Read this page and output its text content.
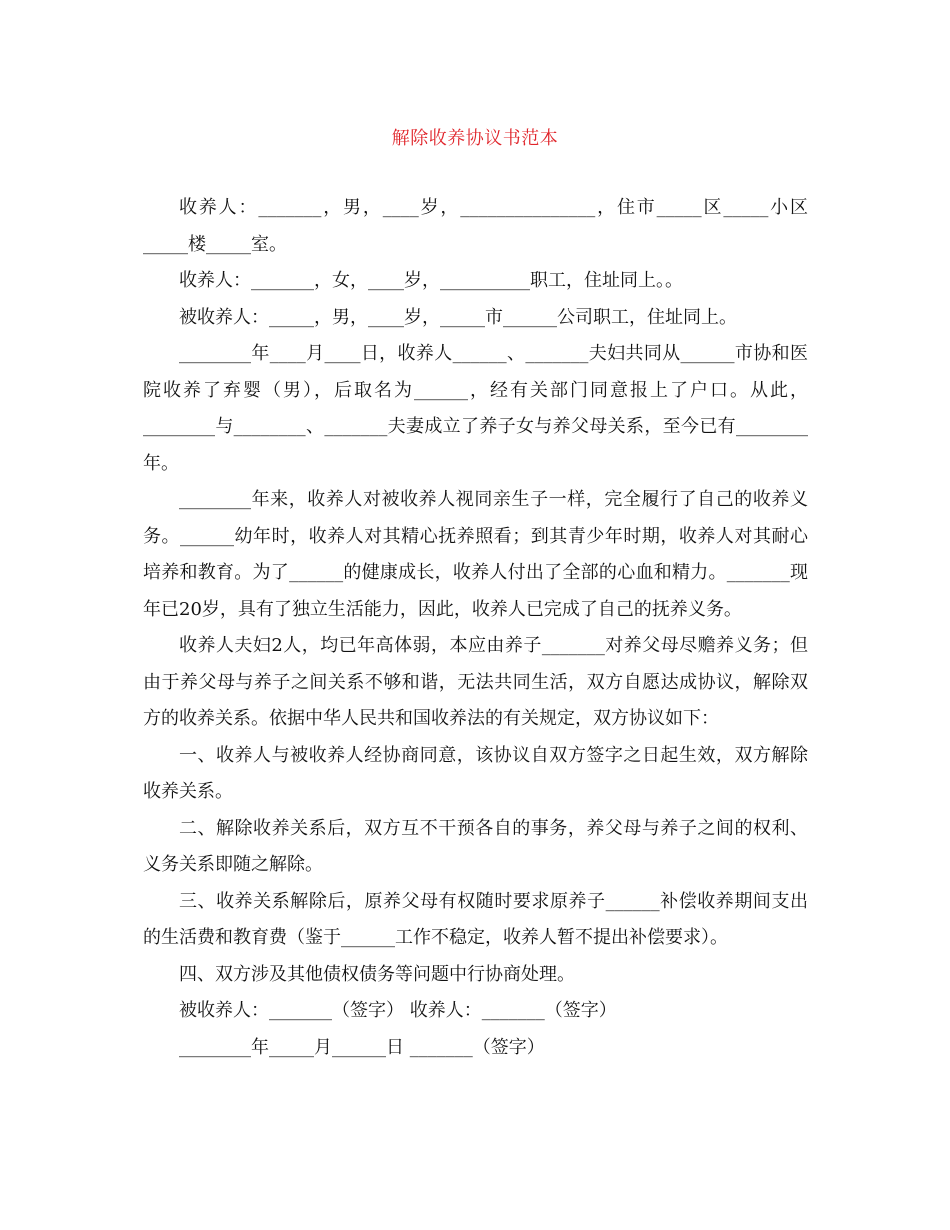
解除收养协议书范本

收养人：_______，男，____岁，_______________，住市_____区_____小区_____楼_____室。

收养人：_______，女，____岁，__________职工，住址同上。。

被收养人：_____，男，____岁，_____市______公司职工，住址同上。

________年____月____日，收养人______、_______夫妇共同从______市协和医院收养了弃婴（男），后取名为______，经有关部门同意报上了户口。从此，________与________、_______夫妻成立了养子女与养父母关系，至今已有________年。

________年来，收养人对被收养人视同亲生子一样，完全履行了自己的收养义务。______幼年时，收养人对其精心抚养照看；到其青少年时期，收养人对其耐心培养和教育。为了______的健康成长，收养人付出了全部的心血和精力。_______现年已20岁，具有了独立生活能力，因此，收养人已完成了自己的抚养义务。

收养人夫妇2人，均已年高体弱，本应由养子_______对养父母尽赡养义务；但由于养父母与养子之间关系不够和谐，无法共同生活，双方自愿达成协议，解除双方的收养关系。依据中华人民共和国收养法的有关规定，双方协议如下：

一、收养人与被收养人经协商同意，该协议自双方签字之日起生效，双方解除收养关系。

二、解除收养关系后，双方互不干预各自的事务，养父母与养子之间的权利、义务关系即随之解除。

三、收养关系解除后，原养父母有权随时要求原养子______补偿收养期间支出的生活费和教育费（鉴于______工作不稳定，收养人暂不提出补偿要求）。

四、双方涉及其他债权债务等问题中行协商处理。

被收养人：_______（签字） 收养人：_______（签字）

________年_____月______日 _______（签字）
